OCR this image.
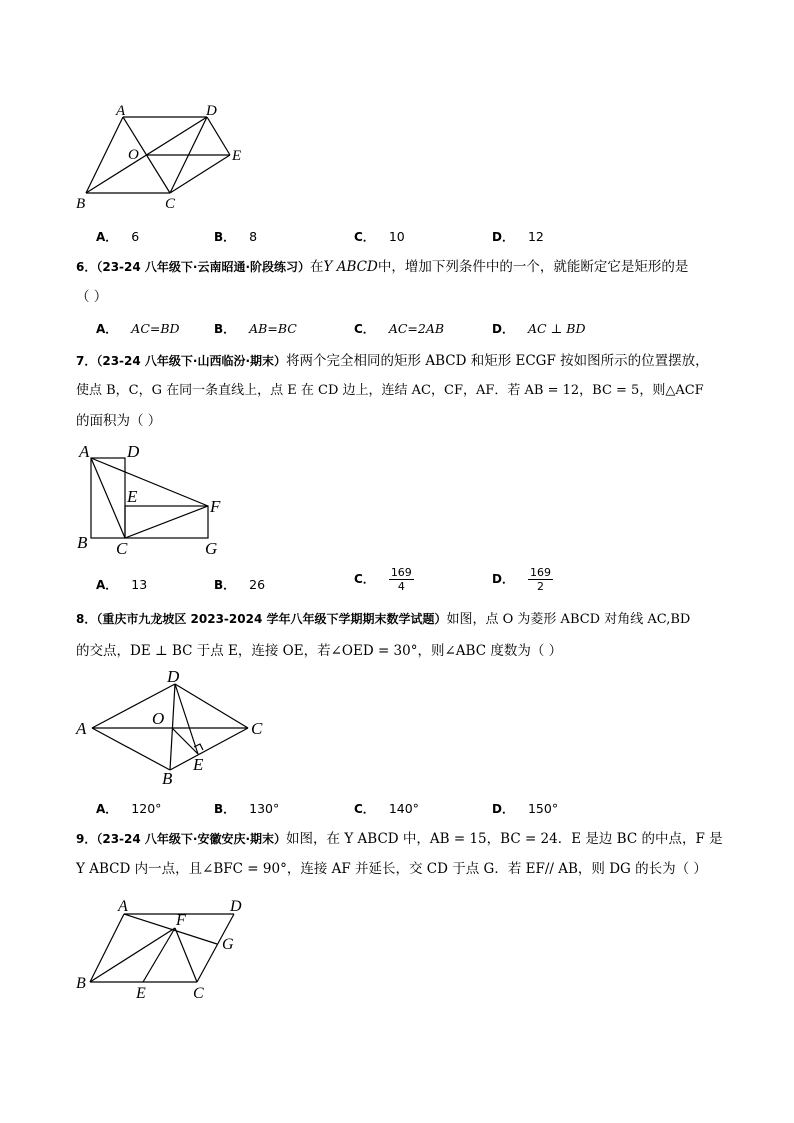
A	D
O	E
B	C
A． 6	B． 8	C． 10	D． 12
6．（23-24 八年级下·云南昭通·阶段练习）在Y ABCD中，增加下列条件中的一个，就能断定它是矩形的是
（ ）
A． AC=BD	B． AB=BC	C． AC=2AB	D． AC ⊥ BD
7．（23-24 八年级下·山西临汾·期末）将两个完全相同的矩形 ABCD 和矩形 ECGF 按如图所示的位置摆放，
使点 B，C，G 在同一条直线上，点 E 在 CD 边上，连结 AC，CF，AF．若 AB = 12，BC = 5，则△ACF
的面积为（ ）
A D
E
F
B C	G
A． 13	B． 26	C． $\frac{169}{4}$	D． $\frac{169}{2}$
8．（重庆市九龙坡区 2023-2024 学年八年级下学期期末数学试题）如图，点 O 为菱形 ABCD 对角线 AC,BD
的交点，DE ⊥ BC 于点 E，连接 OE，若∠OED = 30°，则∠ABC 度数为（ ）
D
A
O
C
B
E
A． 120°	B． 130°	C． 140°	D． 150°
9．（23-24 八年级下·安徽安庆·期末）如图，在 Y ABCD 中，AB = 15，BC = 24．E 是边 BC 的中点，F 是
Y ABCD 内一点，且∠BFC = 90°，连接 AF 并延长，交 CD 于点 G．若 EF// AB，则 DG 的长为（ ）
A	D
F
G
B
E	C
